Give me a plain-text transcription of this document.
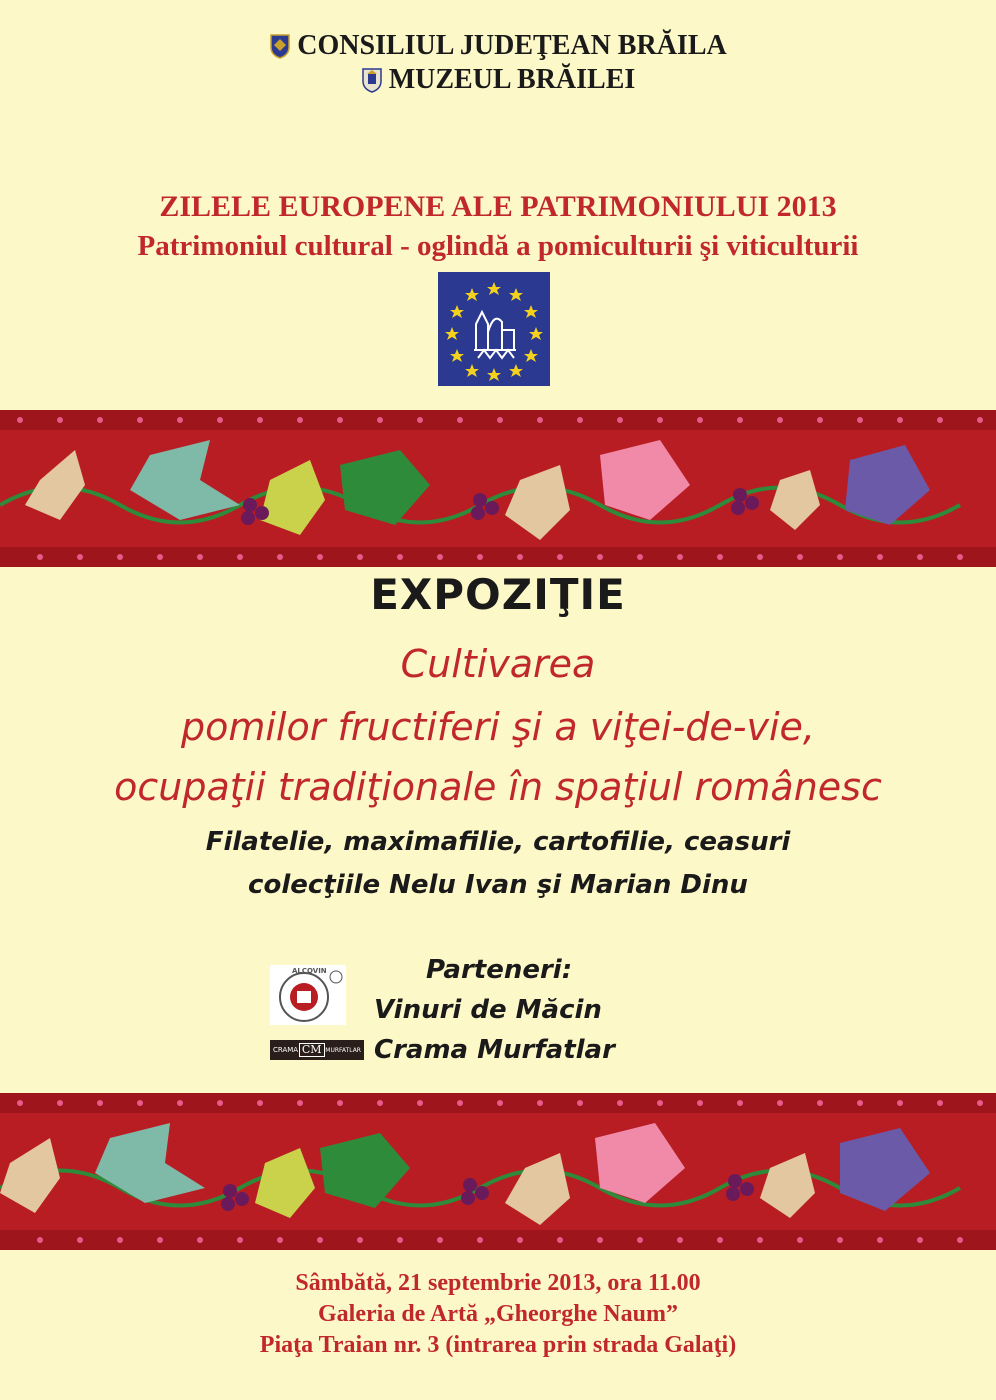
CONSILIUL JUDEŢEAN BRĂILA
MUZEUL BRĂILEI
ZILELE EUROPENE ALE PATRIMONIULUI 2013
Patrimoniul cultural - oglindă a pomiculturii şi viticulturii
EXPOZIŢIE
Cultivarea
pomilor fructiferi şi a viţei-de-vie,
ocupaţii tradiţionale în spaţiul românesc
Filatelie, maximafilie, cartofilie, ceasuri
colecţiile Nelu Ivan şi Marian Dinu
Parteneri:
ALCOVIN
Vinuri de Măcin
CRAMA CM MURFATLAR Crama Murfatlar
Sâmbătă, 21 septembrie 2013, ora 11.00
Galeria de Artă „Gheorghe Naum”
Piaţa Traian nr. 3 (intrarea prin strada Galaţi)
